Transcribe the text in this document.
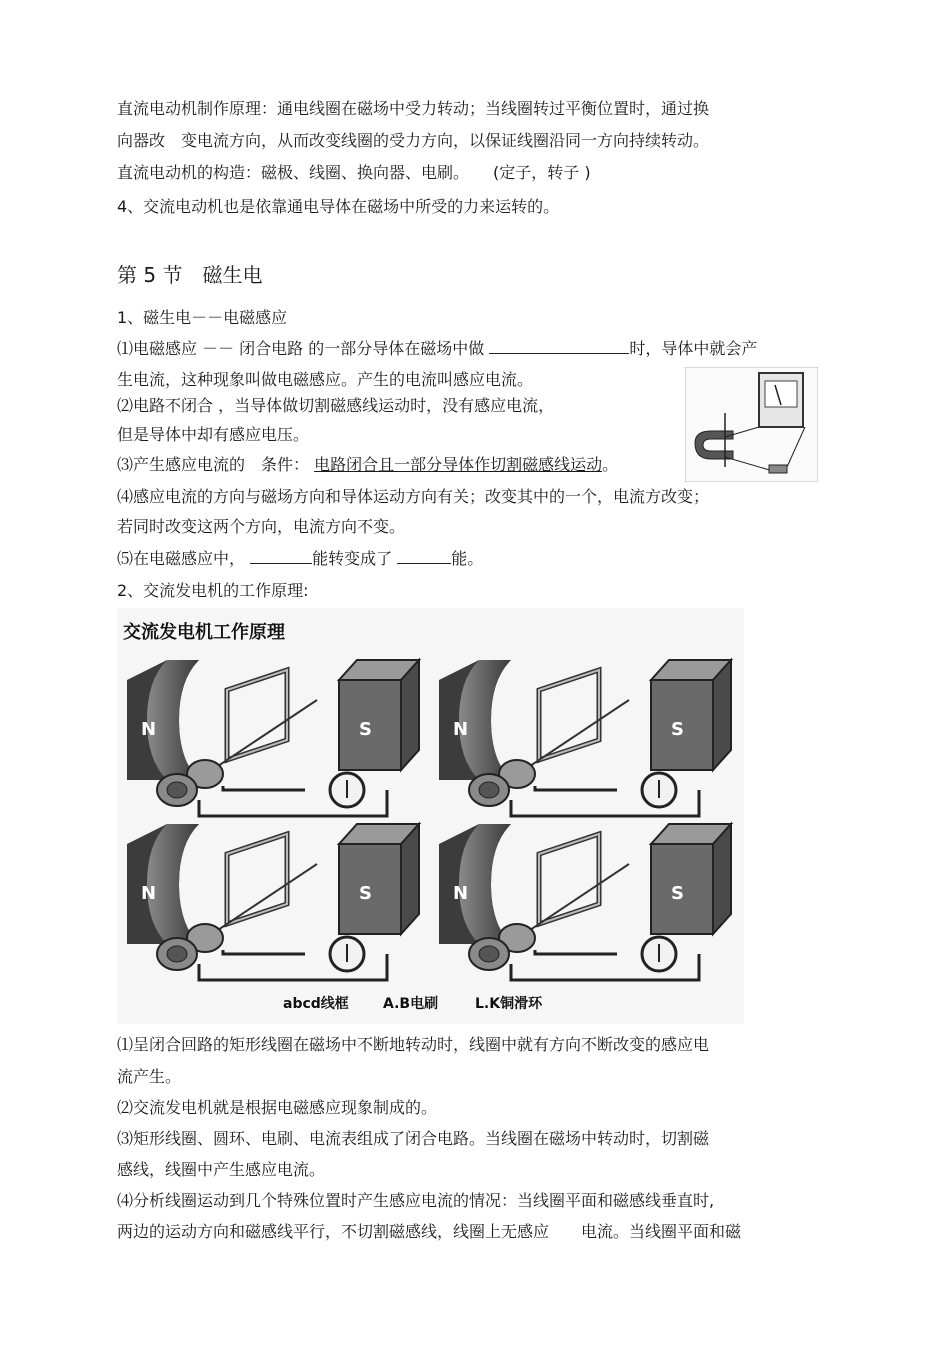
直流电动机制作原理：通电线圈在磁场中受力转动；当线圈转过平衡位置时，通过换
向器改　变电流方向，从而改变线圈的受力方向，以保证线圈沿同一方向持续转动。
直流电动机的构造：磁极、线圈、换向器、电刷。　　(定子，转子 )
4、交流电动机也是依靠通电导体在磁场中所受的力来运转的。
第 5 节　磁生电
1、磁生电－－电磁感应
⑴电磁感应 －－ 闭合电路 的一部分导体在磁场中做	时，导体中就会产
生电流，这种现象叫做电磁感应。产生的电流叫感应电流。
⑵电路不闭合 ，当导体做切割磁感线运动时，没有感应电流，
但是导体中却有感应电压。
⑶产生感应电流的　条件： 电路闭合且一部分导体作切割磁感线运动。
⑷感应电流的方向与磁场方向和导体运动方向有关；改变其中的一个，电流方改变；
若同时改变这两个方向，电流方向不变。
⑸在电磁感应中，	能转变成了	能。
2、交流发电机的工作原理:
交流发电机工作原理
N	S	N	S
N	S	N	S
abcd线框 A.B电刷	L.K铜滑环
⑴呈闭合回路的矩形线圈在磁场中不断地转动时，线圈中就有方向不断改变的感应电
流产生。
⑵交流发电机就是根据电磁感应现象制成的。
⑶矩形线圈、圆环、电刷、电流表组成了闭合电路。当线圈在磁场中转动时，切割磁
感线，线圈中产生感应电流。
⑷分析线圈运动到几个特殊位置时产生感应电流的情况：当线圈平面和磁感线垂直时,
两边的运动方向和磁感线平行，不切割磁感线，线圈上无感应　　电流。当线圈平面和磁
